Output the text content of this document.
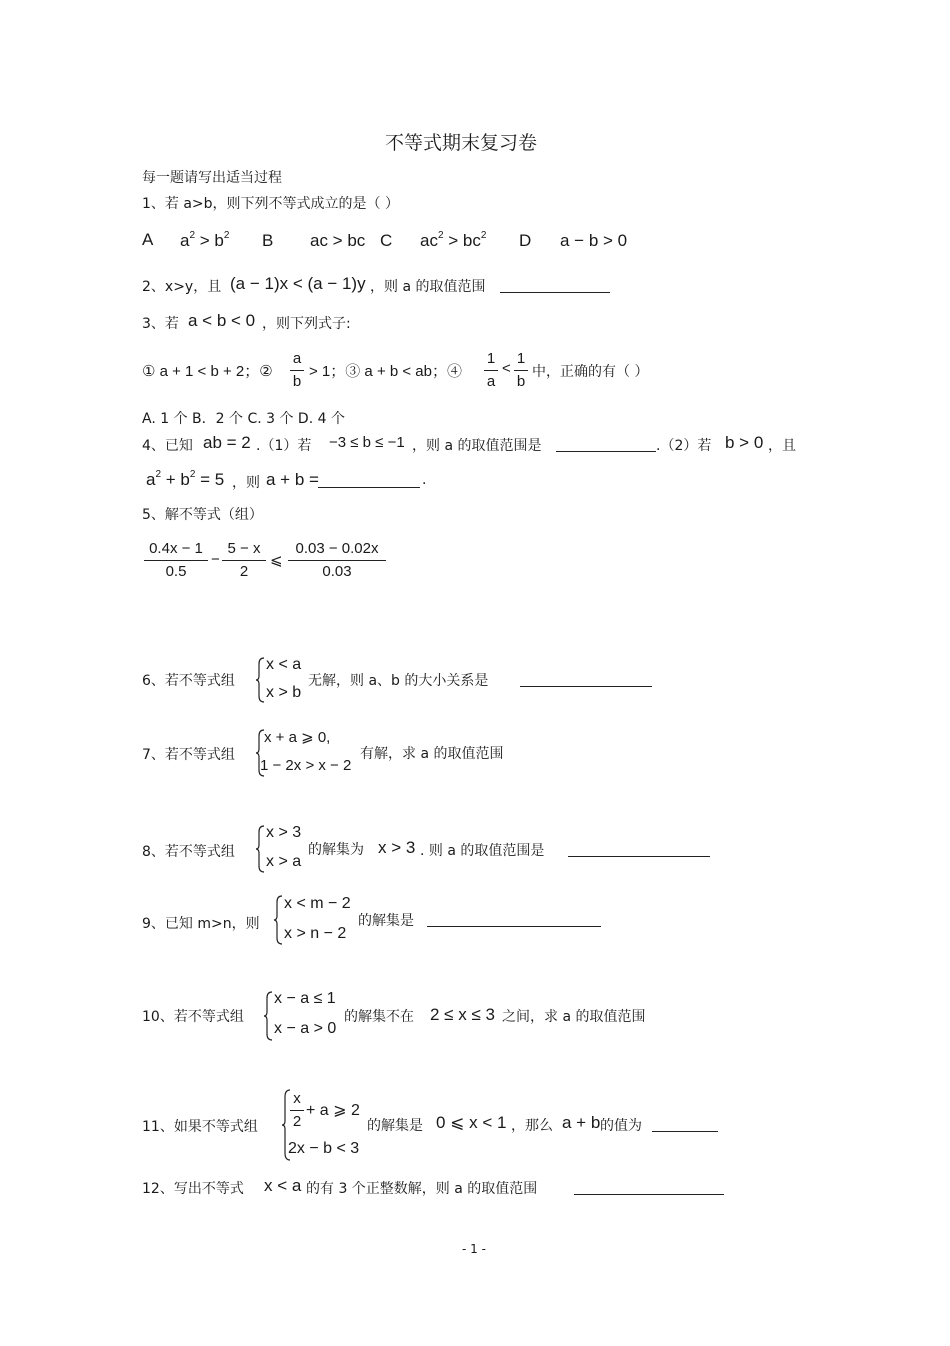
不等式期末复习卷
每一题请写出适当过程
1、若 a>b，则下列不等式成立的是（ ）
A $a^2 > b^2$ B ac > bc C $ac^2 > bc^2$ D a − b > 0
2、x>y，且 (a − 1)x < (a − 1)y ，则 a 的取值范围
3、若 a < b < 0 ，则下列式子:
① a + 1 < b + 2；②
a
b
> 1；③ a + b < ab；④
1
a
<
1
b
中，正确的有（ ）
A. 1 个 B．2 个 C. 3 个 D. 4 个
4、已知 ab = 2 .（1）若 −3 ≤ b ≤ −1 ，则 a 的取值范围是	.（2）若 b > 0 ，且
$a^2 + b^2 = 5$ ，则 a + b =	.
5、解不等式（组）
0.4x − 1
0.5
−
5 − x
2
⩽
0.03 − 0.02x
0.03
6、若不等式组
x < a
x > b
无解，则 a、b 的大小关系是
7、若不等式组
x + a ⩾ 0,
1 − 2x > x − 2
有解，求 a 的取值范围
8、若不等式组
x > 3
x > a
的解集为 x > 3 . 则 a 的取值范围是
9、已知 m>n，则
x < m − 2
x > n − 2
的解集是
10、若不等式组
x − a ≤ 1
x − a > 0
的解集不在 2 ≤ x ≤ 3 之间，求 a 的取值范围
11、如果不等式组
x
2
+ a ⩾ 2
2x − b < 3
的解集是 0 ⩽ x < 1 ，那么 a + b 的值为
12、写出不等式 x < a 的有 3 个正整数解，则 a 的取值范围
- 1 -
